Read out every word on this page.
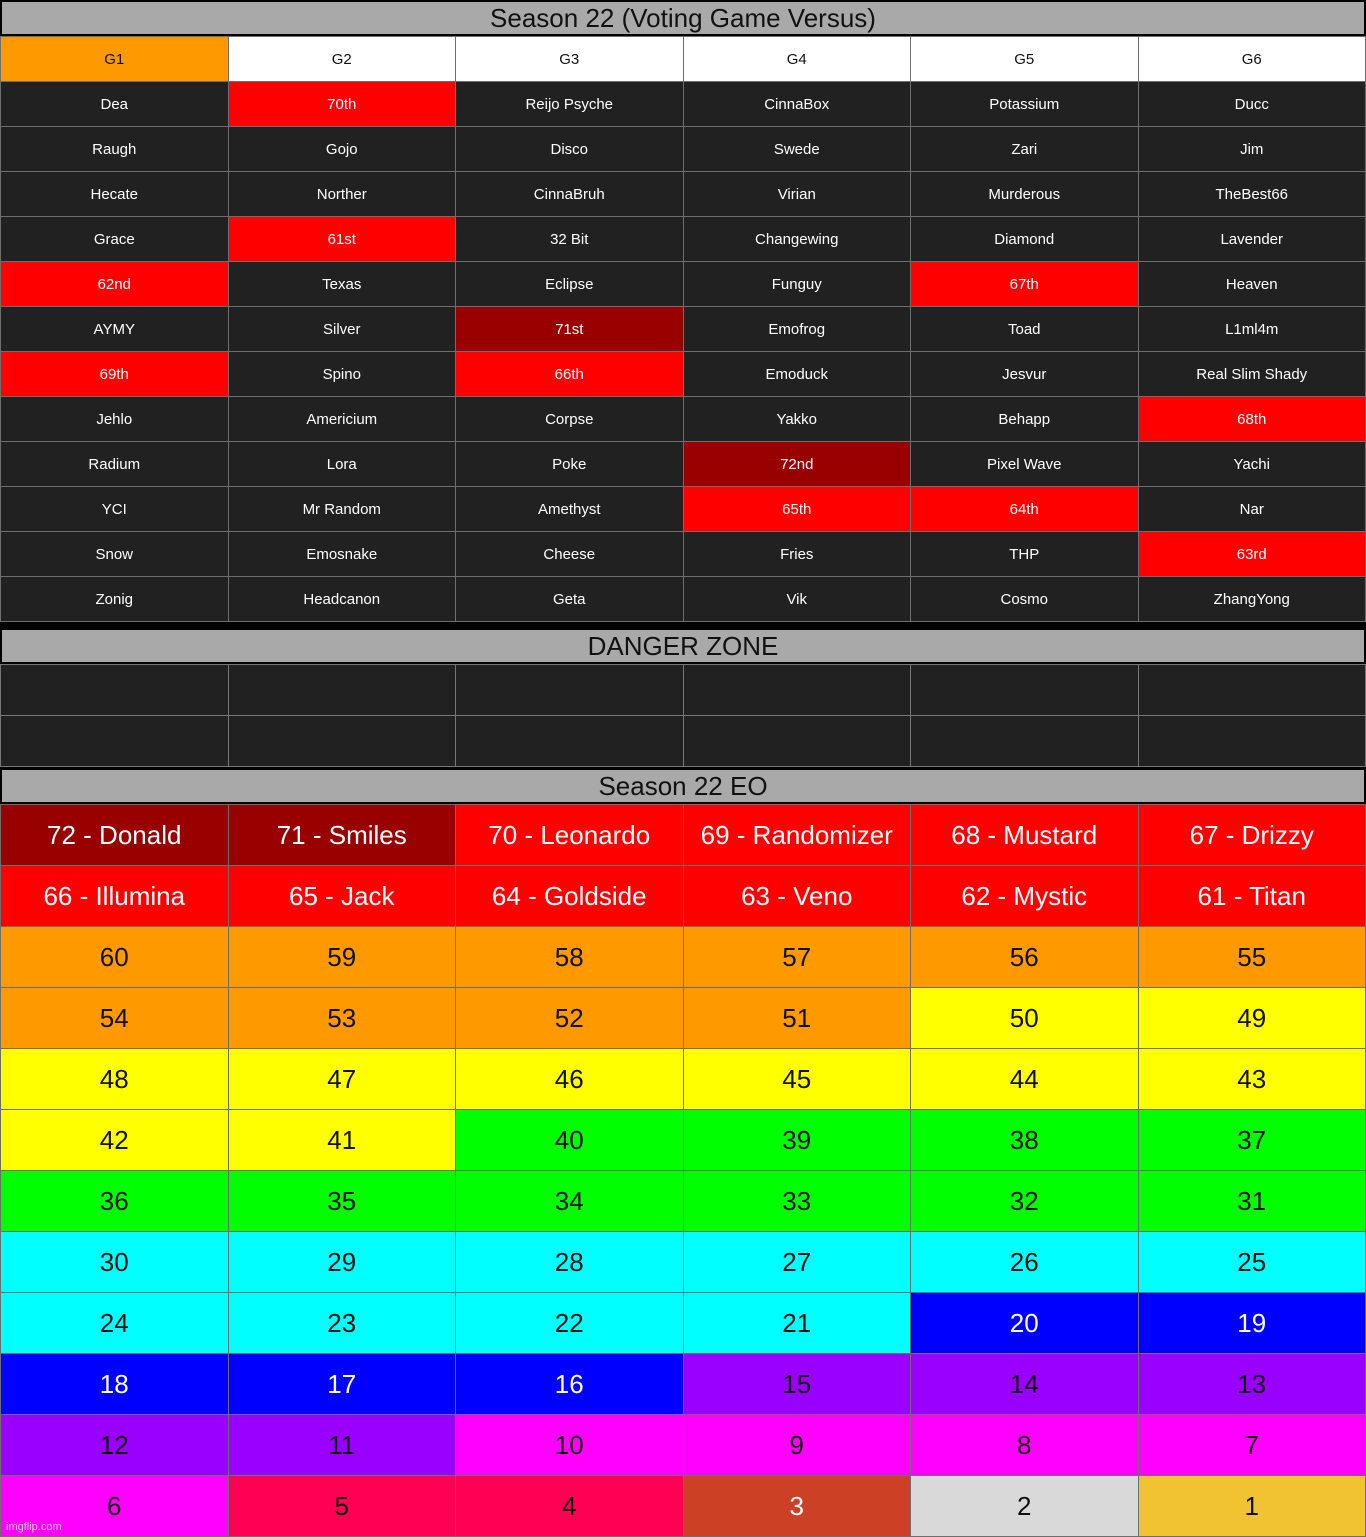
Season 22 (Voting Game Versus)
G1	G2	G3	G4	G5	G6
Dea	70th	Reijo Psyche	CinnaBox	Potassium	Ducc
Raugh	Gojo	Disco	Swede	Zari	Jim
Hecate	Norther	CinnaBruh	Virian	Murderous	TheBest66
Grace	61st	32 Bit	Changewing	Diamond	Lavender
62nd	Texas	Eclipse	Funguy	67th	Heaven
AYMY	Silver	71st	Emofrog	Toad	L1ml4m
69th	Spino	66th	Emoduck	Jesvur	Real Slim Shady
Jehlo	Americium	Corpse	Yakko	Behapp	68th
Radium	Lora	Poke	72nd	Pixel Wave	Yachi
YCI	Mr Random	Amethyst	65th	64th	Nar
Snow	Emosnake	Cheese	Fries	THP	63rd
Zonig	Headcanon	Geta	Vik	Cosmo	ZhangYong
DANGER ZONE

Season 22 EO
72 - Donald	71 - Smiles	70 - Leonardo	69 - Randomizer	68 - Mustard	67 - Drizzy
66 - Illumina	65 - Jack	64 - Goldside	63 - Veno	62 - Mystic	61 - Titan
60	59	58	57	56	55
54	53	52	51	50	49
48	47	46	45	44	43
42	41	40	39	38	37
36	35	34	33	32	31
30	29	28	27	26	25
24	23	22	21	20	19
18	17	16	15	14	13
12	11	10	9	8	7
6	5	4	3	2	1
imgflip.com
